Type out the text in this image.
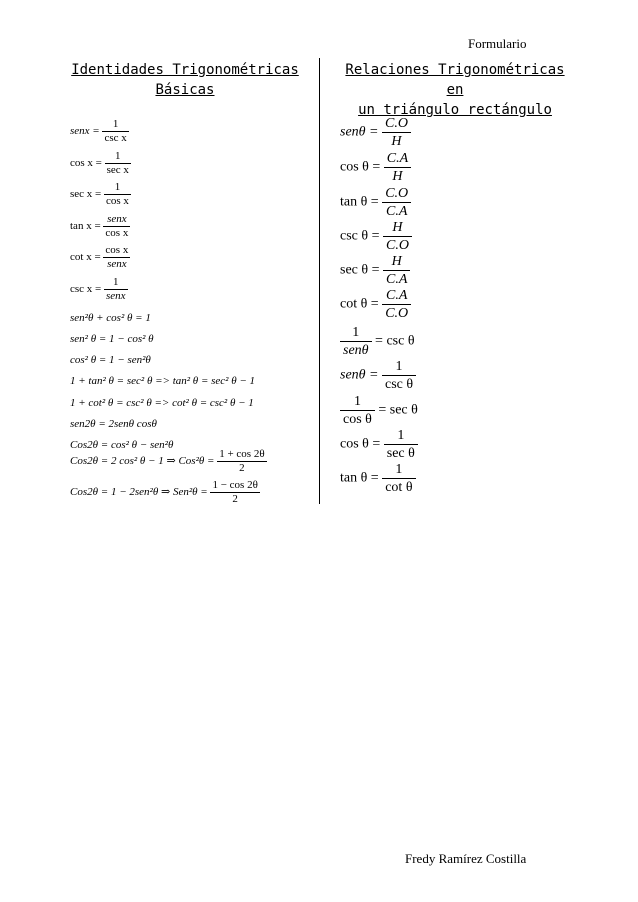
Formulario
Identidades Trigonométricas
Básicas
Relaciones Trigonométricas en
un triángulo rectángulo
senx = $\frac{1}{\text{csc x}}$
$\cos x = \frac{1}{\text{sec x}}$
$\sec x = \frac{1}{\text{cos x}}$
$\tan x = \frac{\text{senx}}{\text{cos x}}$
$\cot x = \frac{\text{cos x}}{\text{senx}}$
$\csc x = \frac{1}{\text{senx}}$
sen²θ + cos² θ = 1
sen² θ = 1 − cos² θ
cos² θ = 1 − sen²θ
1 + tan² θ = sec² θ => tan² θ = sec² θ − 1
1 + cot² θ = csc² θ => cot² θ = csc² θ − 1
sen2θ = 2senθ cosθ
Cos2θ = cos² θ − sen²θ
Cos2θ = 2 cos² θ − 1 ⇒ $Cos^2\theta = \frac{1 + \cos 2\theta}{2}$
Cos2θ = 1 − 2sen²θ ⇒ $Sen^2\theta = \frac{1 - \cos 2\theta}{2}$
$sen\theta = \frac{C.O}{H}$
$\cos \theta = \frac{C.A}{H}$
$\tan \theta = \frac{C.O}{C.A}$
$\csc \theta = \frac{H}{C.O}$
$\sec \theta = \frac{H}{C.A}$
$\cot \theta = \frac{C.A}{C.O}$
$\frac{1}{\text{senθ}} = \csc \theta$
$sen\theta = \frac{1}{\text{csc θ}}$
$\frac{1}{\text{cos θ}} = \sec \theta$
$\cos \theta = \frac{1}{\text{sec θ}}$
$\tan \theta = \frac{1}{\text{cot θ}}$
Fredy Ramírez Costilla
